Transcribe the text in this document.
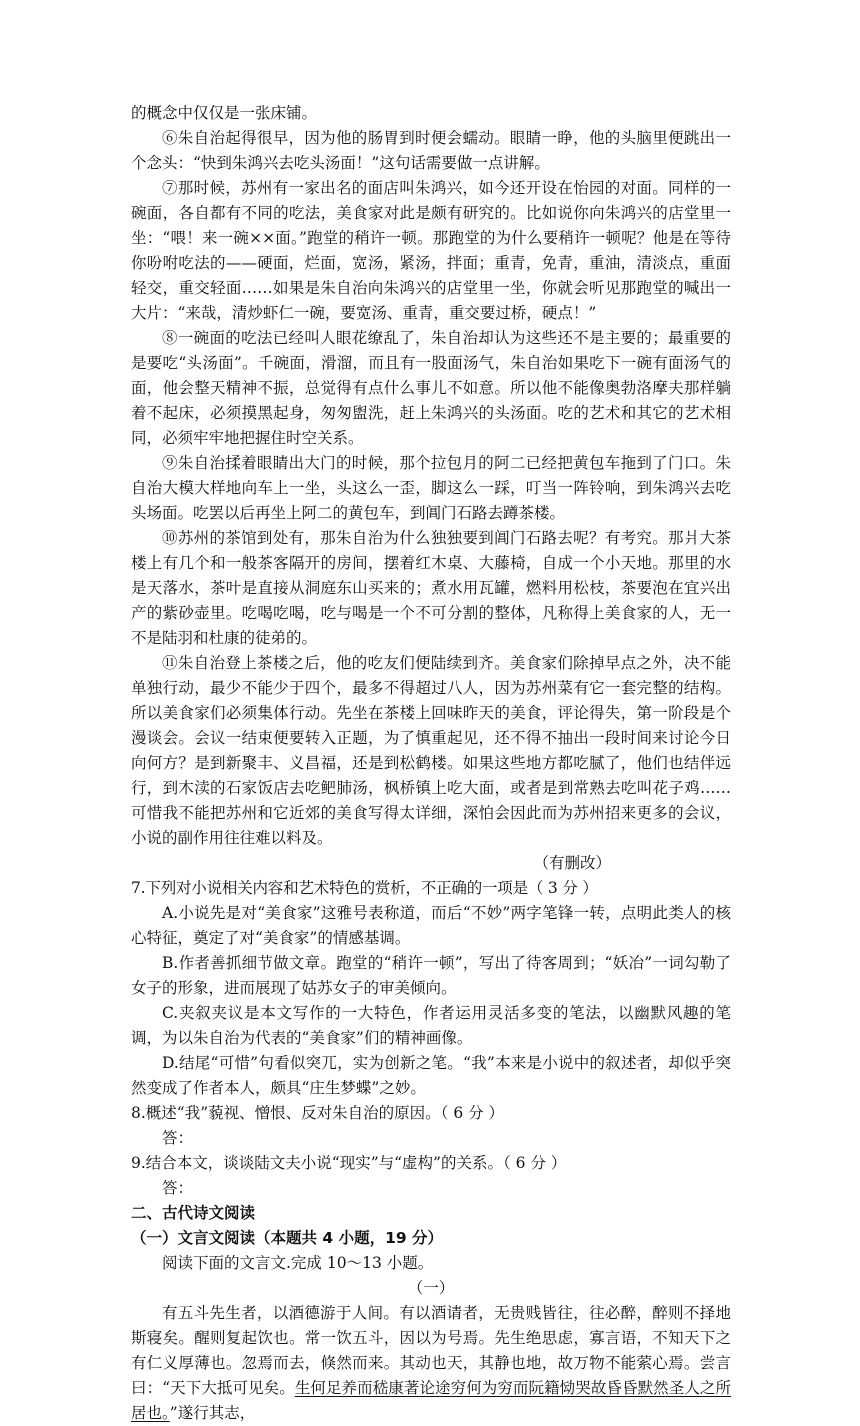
的概念中仅仅是一张床铺。

⑥朱自治起得很早，因为他的肠胃到时便会蠕动。眼睛一睁，他的头脑里便跳出一个念头：“快到朱鸿兴去吃头汤面！”这句话需要做一点讲解。

⑦那时候，苏州有一家出名的面店叫朱鸿兴，如今还开设在怡园的对面。同样的一碗面，各自都有不同的吃法，美食家对此是颇有研究的。比如说你向朱鸿兴的店堂里一坐：“喂！来一碗××面。”跑堂的稍许一顿。那跑堂的为什么要稍许一顿呢？他是在等待你吩咐吃法的——硬面，烂面，宽汤，紧汤，拌面；重青，免青，重油，清淡点，重面轻交，重交轻面……如果是朱自治向朱鸿兴的店堂里一坐，你就会听见那跑堂的喊出一大片：“来哉，清炒虾仁一碗，要宽汤、重青，重交要过桥，硬点！”

⑧一碗面的吃法已经叫人眼花缭乱了，朱自治却认为这些还不是主要的；最重要的是要吃“头汤面”。千碗面，滑溜，而且有一股面汤气，朱自治如果吃下一碗有面汤气的面，他会整天精神不振，总觉得有点什么事儿不如意。所以他不能像奥勃洛摩夫那样躺着不起床，必须摸黑起身，匆匆盥洗，赶上朱鸿兴的头汤面。吃的艺术和其它的艺术相同，必须牢牢地把握住时空关系。

⑨朱自治揉着眼睛出大门的时候，那个拉包月的阿二已经把黄包车拖到了门口。朱自治大模大样地向车上一坐，头这么一歪，脚这么一踩，叮当一阵铃响，到朱鸿兴去吃头场面。吃罢以后再坐上阿二的黄包车，到阊门石路去蹲茶楼。

⑩苏州的茶馆到处有，那朱自治为什么独独要到阊门石路去呢？有考究。那爿大茶楼上有几个和一般茶客隔开的房间，摆着红木桌、大藤椅，自成一个小天地。那里的水是天落水，茶叶是直接从洞庭东山买来的；煮水用瓦罐，燃料用松枝，茶要泡在宜兴出产的紫砂壶里。吃喝吃喝，吃与喝是一个不可分割的整体，凡称得上美食家的人，无一不是陆羽和杜康的徒弟的。

⑪朱自治登上茶楼之后，他的吃友们便陆续到齐。美食家们除掉早点之外，决不能单独行动，最少不能少于四个，最多不得超过八人，因为苏州菜有它一套完整的结构。所以美食家们必须集体行动。先坐在茶楼上回味昨天的美食，评论得失，第一阶段是个漫谈会。会议一结束便要转入正题，为了慎重起见，还不得不抽出一段时间来讨论今日向何方？是到新聚丰、义昌福，还是到松鹤楼。如果这些地方都吃腻了，他们也结伴远行，到木渎的石家饭店去吃鲃肺汤，枫桥镇上吃大面，或者是到常熟去吃叫花子鸡……可惜我不能把苏州和它近郊的美食写得太详细，深怕会因此而为苏州招来更多的会议，小说的副作用往往难以料及。

（有删改）

7.下列对小说相关内容和艺术特色的赏析，不正确的一项是（ 3 分 ）

A.小说先是对“美食家”这雅号表称道，而后“不妙”两字笔锋一转，点明此类人的核心特征，奠定了对“美食家”的情感基调。

B.作者善抓细节做文章。跑堂的“稍许一顿”，写出了待客周到；“妖冶”一词勾勒了女子的形象，进而展现了姑苏女子的审美倾向。

C.夹叙夹议是本文写作的一大特色，作者运用灵活多变的笔法，以幽默风趣的笔调，为以朱自治为代表的“美食家”们的精神画像。

D.结尾“可惜”句看似突兀，实为创新之笔。“我”本来是小说中的叙述者，却似乎突然变成了作者本人，颇具“庄生梦蝶”之妙。

8.概述“我”藐视、憎恨、反对朱自治的原因。（ 6 分 ）

答：

9.结合本文，谈谈陆文夫小说“现实”与“虚构”的关系。（ 6 分 ）

答：

二、古代诗文阅读

（一）文言文阅读（本题共 4 小题，19 分）

阅读下面的文言文.完成 10～13 小题。

（一）

有五斗先生者，以酒德游于人间。有以酒请者，无贵贱皆往，往必醉，醉则不择地斯寝矣。醒则复起饮也。常一饮五斗，因以为号焉。先生绝思虑，寡言语，不知天下之有仁义厚薄也。忽焉而去，倏然而来。其动也天，其静也地，故万物不能萦心焉。尝言曰：“天下大抵可见矣。生何足养而嵇康著论途穷何为穷而阮籍恸哭故昏昏默然圣人之所居也。”遂行其志，
